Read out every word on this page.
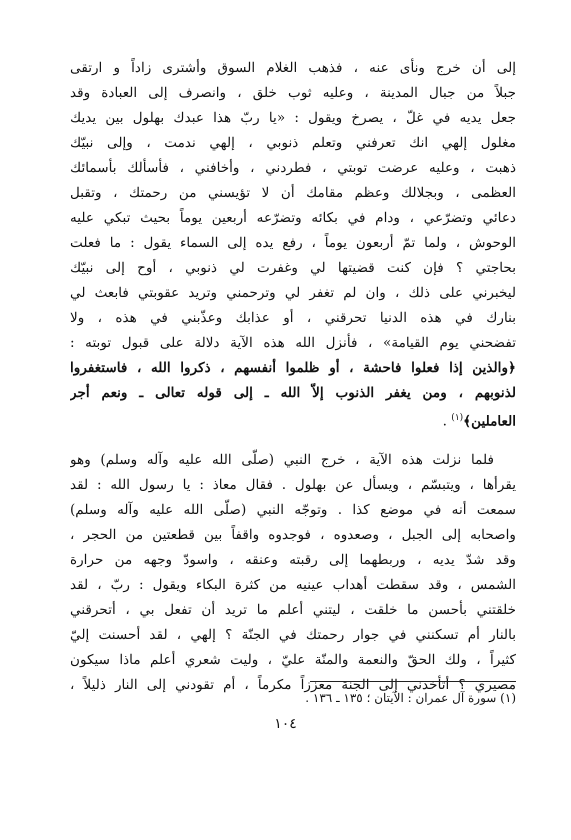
إلى أن خرج ونأى عنه ، فذهب الغلام السوق وأشترى زاداً و ارتقى
جبلاً من جبال المدينة ، وعليه ثوب خلق ، وانصرف إلى العبادة وقد
جعل يديه في غلّ ، يصرخ ويقول : «يا ربّ هذا عبدك بهلول بين يديك
مغلول إلهي انك تعرفني وتعلم ذنوبي ، إلهي ندمت ، وإلى نبيّك
ذهبت ، وعليه عرضت توبتي ، فطردني ، وأخافني ، فأسألك بأسمائك
العظمى ، وبجلالك وعظم مقامك أن لا تؤيسني من رحمتك ، وتقبل
دعائي وتضرّعي ، ودام في بكائه وتضرّعه أربعين يوماً بحيث تبكي عليه
الوحوش ، ولما تمّ أربعون يوماً ، رفع يده إلى السماء يقول : ما فعلت
بحاجتي ؟ فإن كنت قضيتها لي وغفرت لي ذنوبي ، أوح إلى نبيّك
ليخبرني على ذلك ، وان لم تغفر لي وترحمني وتريد عقوبتي فابعث لي
بنارك في هذه الدنيا تحرقني ، أو عذابك وعذّبني في هذه ، ولا
تفضحني يوم القيامة» ، فأنزل الله هذه الآية دلالة على قبول توبته :
﴿والذين إذا فعلوا فاحشة ، أو ظلموا أنفسهم ، ذكروا الله ، فاستغفروا
لذنوبهم ، ومن يغفر الذنوب إلاّ الله ـ إلى قوله تعالى ـ ونعم أجر
العاملين﴾$^{(١)}$ .
فلما نزلت هذه الآية ، خرج النبي (صلّى الله عليه وآله وسلم) وهو
يقرأها ، ويتبسّم ، ويسأل عن بهلول . فقال معاذ : يا رسول الله : لقد
سمعت أنه في موضع كذا . وتوجّه النبي (صلّى الله عليه وآله وسلم)
واصحابه إلى الجبل ، وصعدوه ، فوجدوه واقفاً بين قطعتين من الحجر ،
وقد شدّ يديه ، وربطهما إلى رقبته وعنقه ، واسودّ وجهه من حرارة
الشمس ، وقد سقطت أهداب عينيه من كثرة البكاء ويقول : ربّ ، لقد
خلقتني بأحسن ما خلقت ، ليتني أعلم ما تريد أن تفعل بي ، أتحرقني
بالنار أم تسكنني في جوار رحمتك في الجنّة ؟ إلهي ، لقد أحسنت إليّ
كثيراً ، ولك الحقّ والنعمة والمنّة عليّ ، وليت شعري أعلم ماذا سيكون
مصيري ؟ أتأخذني إلى الجنة معززاً مكرماً ، أم تقودني إلى النار ذليلاً ،
(١) سورة آل عمران : الآيتان ؛ ١٣٥ ـ ١٣٦ .
١٠٤
